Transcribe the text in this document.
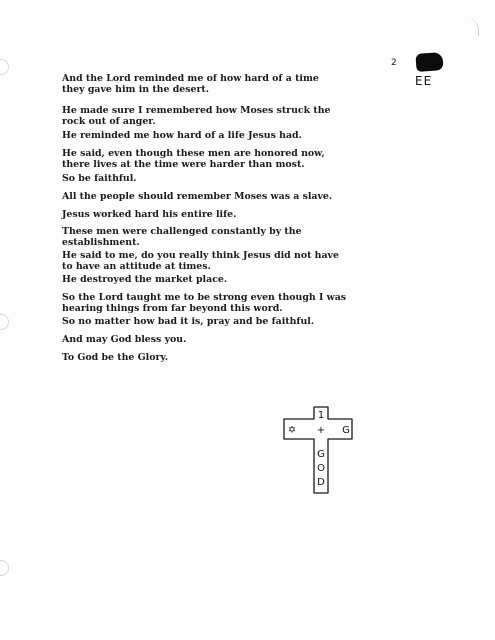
2
EE
And the Lord reminded me of how hard of a time
they gave him in the desert.
He made sure I remembered how Moses struck the
rock out of anger.
He reminded me how hard of a life Jesus had.
He said, even though these men are honored now,
there lives at the time were harder than most.
So be faithful.
All the people should remember Moses was a slave.
Jesus worked hard his entire life.
These men were challenged constantly by the
establishment.
He said to me, do you really think Jesus did not have
to have an attitude at times.
He destroyed the market place.
So the Lord taught me to be strong even though I was
hearing things from far beyond this word.
So no matter how bad it is, pray and be faithful.
And may God bless you.
To God be the Glory.
1
+
✡	G
G
O
D
